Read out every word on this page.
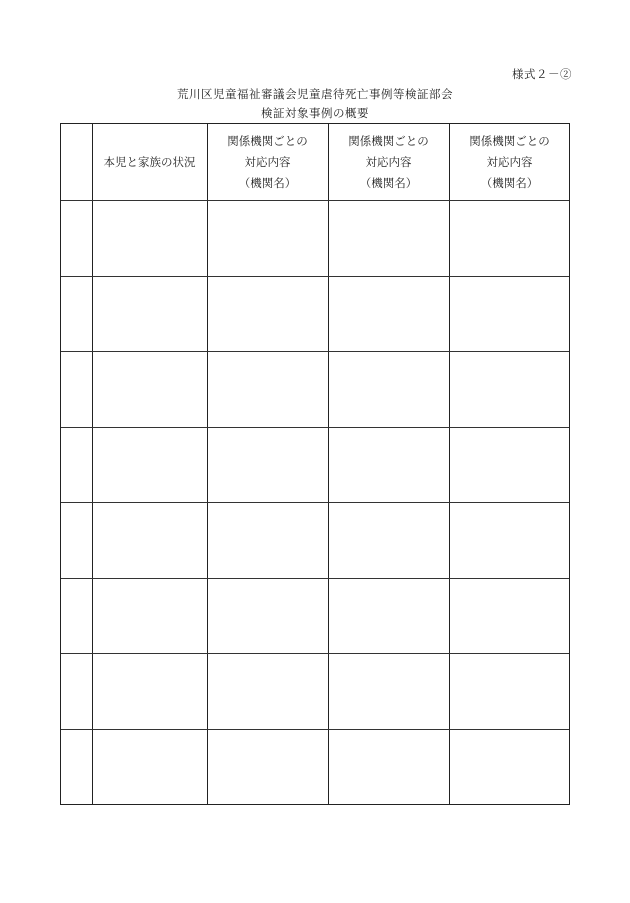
様式２－②
荒川区児童福祉審議会児童虐待死亡事例等検証部会
検証対象事例の概要
本児と家族の状況
関係機関ごとの
対応内容
（機関名）
関係機関ごとの
対応内容
（機関名）
関係機関ごとの
対応内容
（機関名）
